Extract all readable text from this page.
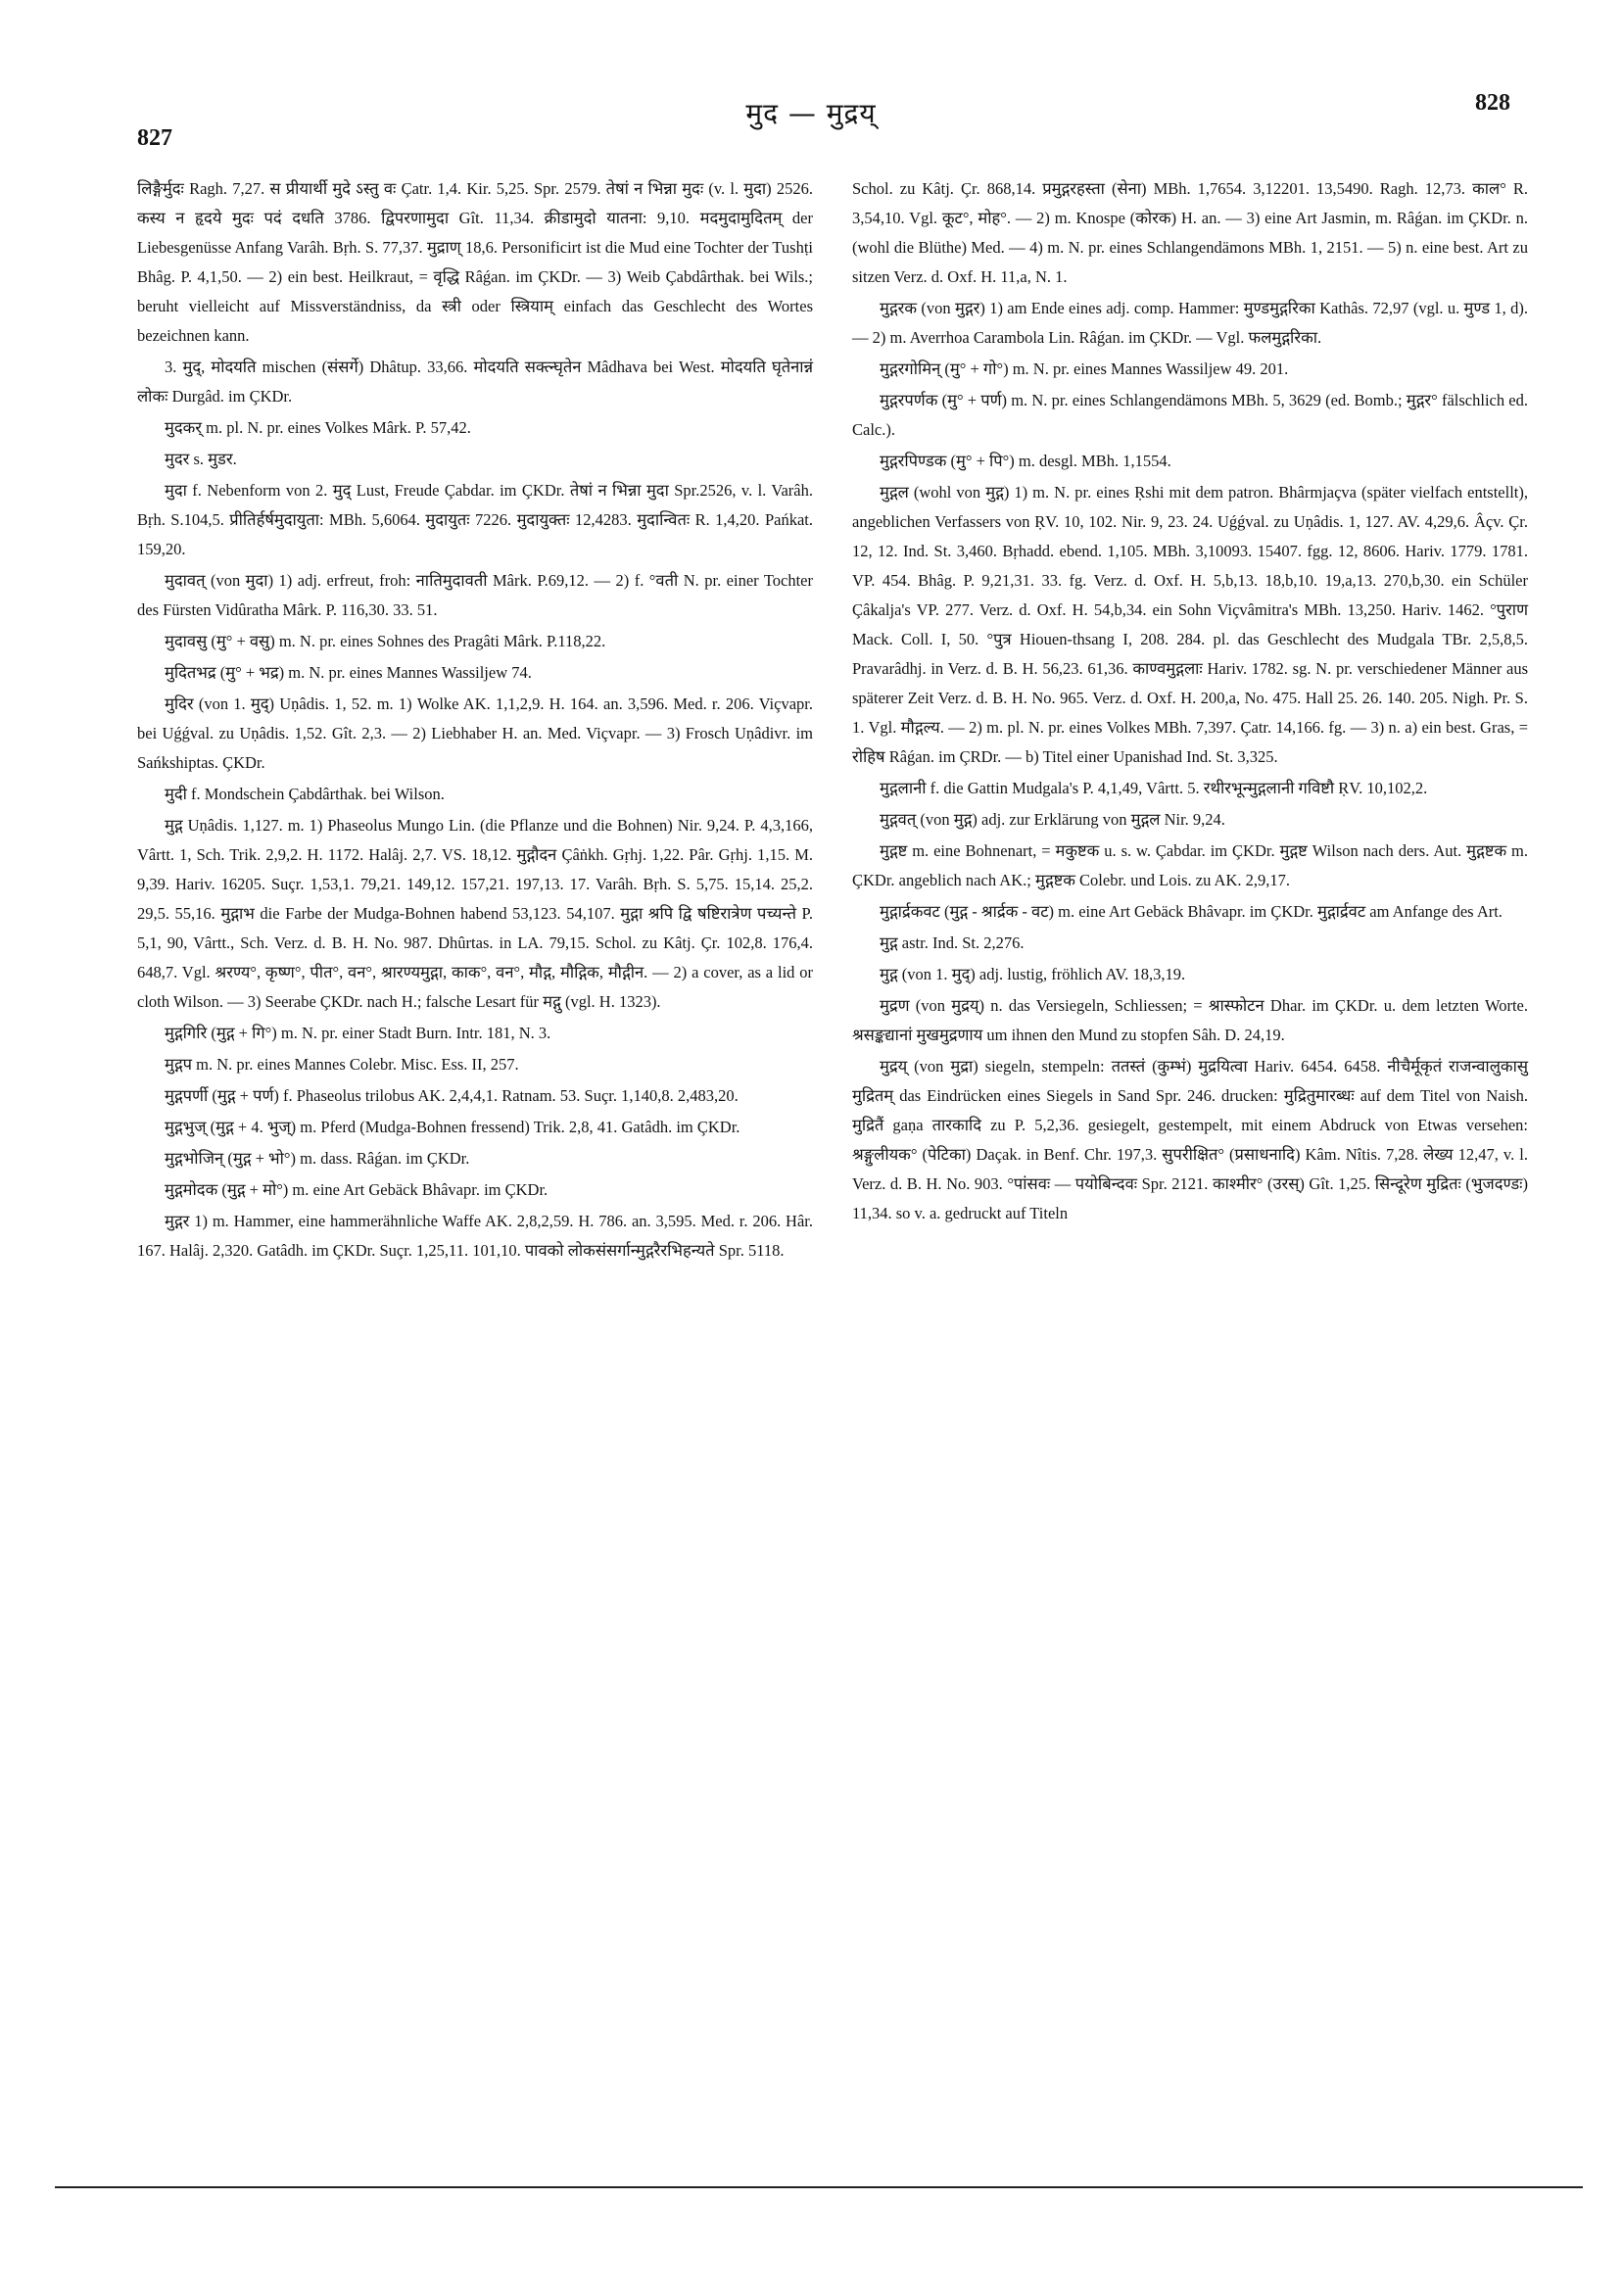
827
मुद — मुद्रय्	828

लिङ्गैर्मुदः Ragh. 7,27. स प्रीयार्थी मुदे ऽस्तु वः Çatr. 1,4. Kir. 5,25. Spr. 2579. तेषां न भिन्ना मुदः (v. l. मुदा) 2526. कस्य न हृदये मुदः पदं दधति 3786. द्विपरणामुदा Gît. 11,34. क्रीडामुदो यातना: 9,10. मदमुदामुदितम् der Liebesgenüsse Anfang Varâh. Bṛh. S. 77,37. मुद्राण् 18,6. Personificirt ist die Mud eine Tochter der Tushṭi Bhâg. P. 4,1,50. — 2) ein best. Heilkraut, = वृद्धि Râǵan. im ÇKDr. — 3) Weib Çabdârthak. bei Wils.; beruht vielleicht auf Missverständniss, da स्त्री oder स्त्रियाम् einfach das Geschlecht des Wortes bezeichnen kann.

3. मुद्, मोदयति mischen (संसर्गे) Dhâtup. 33,66. मोदयति सक्त्न्घृतेन Mâdhava bei West. मोदयति घृतेनान्नं लोकः Durgâd. im ÇKDr.

मुदकर् m. pl. N. pr. eines Volkes Mârk. P. 57,42.

मुदर s. मुडर.

मुदा f. Nebenform von 2. मुद् Lust, Freude Çabdar. im ÇKDr. तेषां न भिन्ना मुदा Spr.2526, v. l. Varâh. Bṛh. S.104,5. प्रीतिर्हर्षमुदायुता: MBh. 5,6064. मुदायुतः 7226. मुदायुक्तः 12,4283. मुदान्वितः R. 1,4,20. Pańkat. 159,20.

मुदावत् (von मुदा) 1) adj. erfreut, froh: नातिमुदावती Mârk. P.69,12. — 2) f. °वती N. pr. einer Tochter des Fürsten Vidûratha Mârk. P. 116,30. 33. 51.

मुदावसु (मु° + वसु) m. N. pr. eines Sohnes des Pragâti Mârk. P.118,22.

मुदितभद्र (मु° + भद्र) m. N. pr. eines Mannes Wassiljew 74.

मुदिर (von 1. मुद्) Uṇâdis. 1, 52. m. 1) Wolke AK. 1,1,2,9. H. 164. an. 3,596. Med. r. 206. Viçvapr. bei Uǵǵval. zu Uṇâdis. 1,52. Gît. 2,3. — 2) Liebhaber H. an. Med. Viçvapr. — 3) Frosch Uṇâdivr. im Sańkshiptas. ÇKDr.

मुदी f. Mondschein Çabdârthak. bei Wilson.

मुद्ग Uṇâdis. 1,127. m. 1) Phaseolus Mungo Lin. (die Pflanze und die Bohnen) Nir. 9,24. P. 4,3,166, Vârtt. 1, Sch. Trik. 2,9,2. H. 1172. Halâj. 2,7. VS. 18,12. मुद्गौदन Çâṅkh. Gṛhj. 1,22. Pâr. Gṛhj. 1,15. M. 9,39. Hariv. 16205. Suçr. 1,53,1. 79,21. 149,12. 157,21. 197,13. 17. Varâh. Bṛh. S. 5,75. 15,14. 25,2. 29,5. 55,16. मुद्गाभ die Farbe der Mudga-Bohnen habend 53,123. 54,107. मुद्गा श्रपि द्वि षष्टिरात्रेण पच्यन्ते P. 5,1, 90, Vârtt., Sch. Verz. d. B. H. No. 987. Dhûrtas. in LA. 79,15. Schol. zu Kâtj. Çr. 102,8. 176,4. 648,7. Vgl. श्ररण्य°, कृष्ण°, पीत°, वन°, श्रारण्यमुद्गा, काक°, वन°, मौद्ग, मौद्गिक, मौद्गीन. — 2) a cover, as a lid or cloth Wilson. — 3) Seerabe ÇKDr. nach H.; falsche Lesart für मद्गु (vgl. H. 1323).

मुद्गगिरि (मुद्ग + गि°) m. N. pr. einer Stadt Burn. Intr. 181, N. 3.

मुद्गप m. N. pr. eines Mannes Colebr. Misc. Ess. II, 257.

मुद्गपर्णी (मुद्ग + पर्ण) f. Phaseolus trilobus AK. 2,4,4,1. Ratnam. 53. Suçr. 1,140,8. 2,483,20.

मुद्गभुज् (मुद्ग + 4. भुज्) m. Pferd (Mudga-Bohnen fressend) Trik. 2,8, 41. Gatâdh. im ÇKDr.

मुद्गभोजिन् (मुद्ग + भो°) m. dass. Râǵan. im ÇKDr.

मुद्गमोदक (मुद्ग + मो°) m. eine Art Gebäck Bhâvapr. im ÇKDr.

मुद्गर 1) m. Hammer, eine hammerähnliche Waffe AK. 2,8,2,59. H. 786. an. 3,595. Med. r. 206. Hâr. 167. Halâj. 2,320. Gatâdh. im ÇKDr. Suçr. 1,25,11. 101,10. पावको लोकसंसर्गान्मुद्गरैरभिहन्यते Spr. 5118.

Schol. zu Kâtj. Çr. 868,14. प्रमुद्गरहस्ता (सेना) MBh. 1,7654. 3,12201. 13,5490. Ragh. 12,73. काल° R. 3,54,10. Vgl. कूट°, मोह°. — 2) m. Knospe (कोरक) H. an. — 3) eine Art Jasmin, m. Râǵan. im ÇKDr. n. (wohl die Blüthe) Med. — 4) m. N. pr. eines Schlangendämons MBh. 1, 2151. — 5) n. eine best. Art zu sitzen Verz. d. Oxf. H. 11,a, N. 1.

मुद्गरक (von मुद्गर) 1) am Ende eines adj. comp. Hammer: मुण्डमुद्गरिका Kathâs. 72,97 (vgl. u. मुण्ड 1, d). — 2) m. Averrhoa Carambola Lin. Râǵan. im ÇKDr. — Vgl. फलमुद्गरिका.

मुद्गरगोमिन् (मु° + गो°) m. N. pr. eines Mannes Wassiljew 49. 201.

मुद्गरपर्णक (मु° + पर्ण) m. N. pr. eines Schlangendämons MBh. 5, 3629 (ed. Bomb.; मुद्गर° fälschlich ed. Calc.).

मुद्गरपिण्डक (मु° + पि°) m. desgl. MBh. 1,1554.

मुद्गल (wohl von मुद्ग) 1) m. N. pr. eines Ṛshi mit dem patron. Bhârmjaçva (später vielfach entstellt), angeblichen Verfassers von ṚV. 10, 102. Nir. 9, 23. 24. Uǵǵval. zu Uṇâdis. 1, 127. AV. 4,29,6. Âçv. Çr. 12, 12. Ind. St. 3,460. Bṛhadd. ebend. 1,105. MBh. 3,10093. 15407. fgg. 12, 8606. Hariv. 1779. 1781. VP. 454. Bhâg. P. 9,21,31. 33. fg. Verz. d. Oxf. H. 5,b,13. 18,b,10. 19,a,13. 270,b,30. ein Schüler Çâkalja's VP. 277. Verz. d. Oxf. H. 54,b,34. ein Sohn Viçvâmitra's MBh. 13,250. Hariv. 1462. °पुराण Mack. Coll. I, 50. °पुत्र Hiouen-thsang I, 208. 284. pl. das Geschlecht des Mudgala TBr. 2,5,8,5. Pravarâdhj. in Verz. d. B. H. 56,23. 61,36. काण्वमुद्गलाः Hariv. 1782. sg. N. pr. verschiedener Männer aus späterer Zeit Verz. d. B. H. No. 965. Verz. d. Oxf. H. 200,a, No. 475. Hall 25. 26. 140. 205. Nigh. Pr. S. 1. Vgl. मौद्गल्य. — 2) m. pl. N. pr. eines Volkes MBh. 7,397. Çatr. 14,166. fg. — 3) n. a) ein best. Gras, = रोहिष Râǵan. im ÇRDr. — b) Titel einer Upanishad Ind. St. 3,325.

मुद्गलानी f. die Gattin Mudgala's P. 4,1,49, Vârtt. 5. रथीरभून्मुद्गलानी गविष्टौ ṚV. 10,102,2.

मुद्गवत् (von मुद्ग) adj. zur Erklärung von मुद्गल Nir. 9,24.

मुद्गष्ट m. eine Bohnenart, = मकुष्टक u. s. w. Çabdar. im ÇKDr. मुद्गष्ट Wilson nach ders. Aut. मुद्गष्टक m. ÇKDr. angeblich nach AK.; मुद्गष्टक Colebr. und Lois. zu AK. 2,9,17.

मुद्गार्द्रकवट (मुद्ग - श्रार्द्रक - वट) m. eine Art Gebäck Bhâvapr. im ÇKDr. मुद्गार्द्रवट am Anfange des Art.

मुद्ग astr. Ind. St. 2,276.

मुद्ग (von 1. मुद्) adj. lustig, fröhlich AV. 18,3,19.

मुद्रण (von मुद्रय्) n. das Versiegeln, Schliessen; = श्रास्फोटन Dhar. im ÇKDr. u. dem letzten Worte. श्रसङ्कद्यानां मुखमुद्रणाय um ihnen den Mund zu stopfen Sâh. D. 24,19.

मुद्रय् (von मुद्रा) siegeln, stempeln: ततस्तं (कुम्भं) मुद्रयित्वा Hariv. 6454. 6458. नीचैर्मूकृतं राजन्वालुकासु मुद्रितम् das Eindrücken eines Siegels in Sand Spr. 246. drucken: मुद्रितुमारब्धः auf dem Titel von Naish. मुद्रितैं gaṇa तारकादि zu P. 5,2,36. gesiegelt, gestempelt, mit einem Abdruck von Etwas versehen: श्रङ्गुलीयक° (पेटिका) Daçak. in Benf. Chr. 197,3. सुपरीक्षित° (प्रसाधनादि) Kâm. Nîtis. 7,28. लेख्य 12,47, v. l. Verz. d. B. H. No. 903. °पांसवः — पयोबिन्दवः Spr. 2121. काश्मीर° (उरस्) Gît. 1,25. सिन्दूरेण मुद्रितः (भुजदण्डः) 11,34. so v. a. gedruckt auf Titeln
